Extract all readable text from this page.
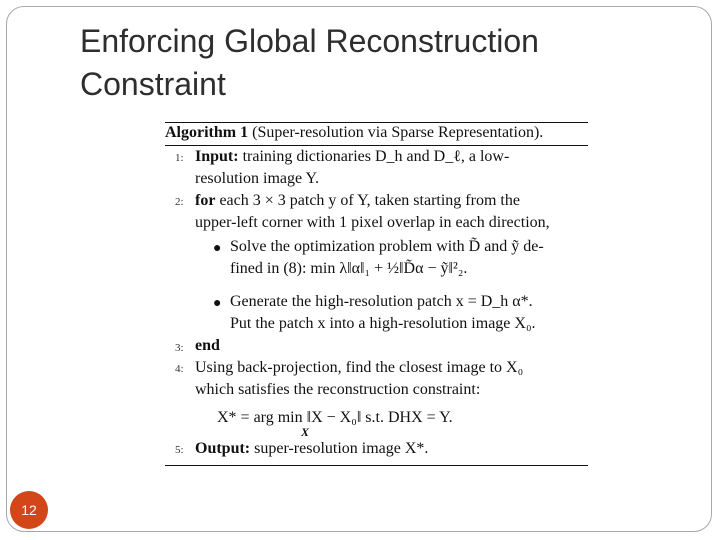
Enforcing Global Reconstruction
Constraint
Algorithm 1 (Super-resolution via Sparse Representation).
1: Input: training dictionaries D_h and D_ℓ, a low-
resolution image Y.
2: for each 3 × 3 patch y of Y, taken starting from the
upper-left corner with 1 pixel overlap in each direction,
● Solve the optimization problem with D̃ and ỹ de-
fined in (8): min λ‖α‖₁ + ½‖D̃α − ỹ‖²₂.
● Generate the high-resolution patch x = D_h α*.
Put the patch x into a high-resolution image X₀.
3: end
4: Using back-projection, find the closest image to X₀
which satisfies the reconstruction constraint:
X* = arg min ‖X − X₀‖ s.t. DHX = Y.
X
5: Output: super-resolution image X*.
12
